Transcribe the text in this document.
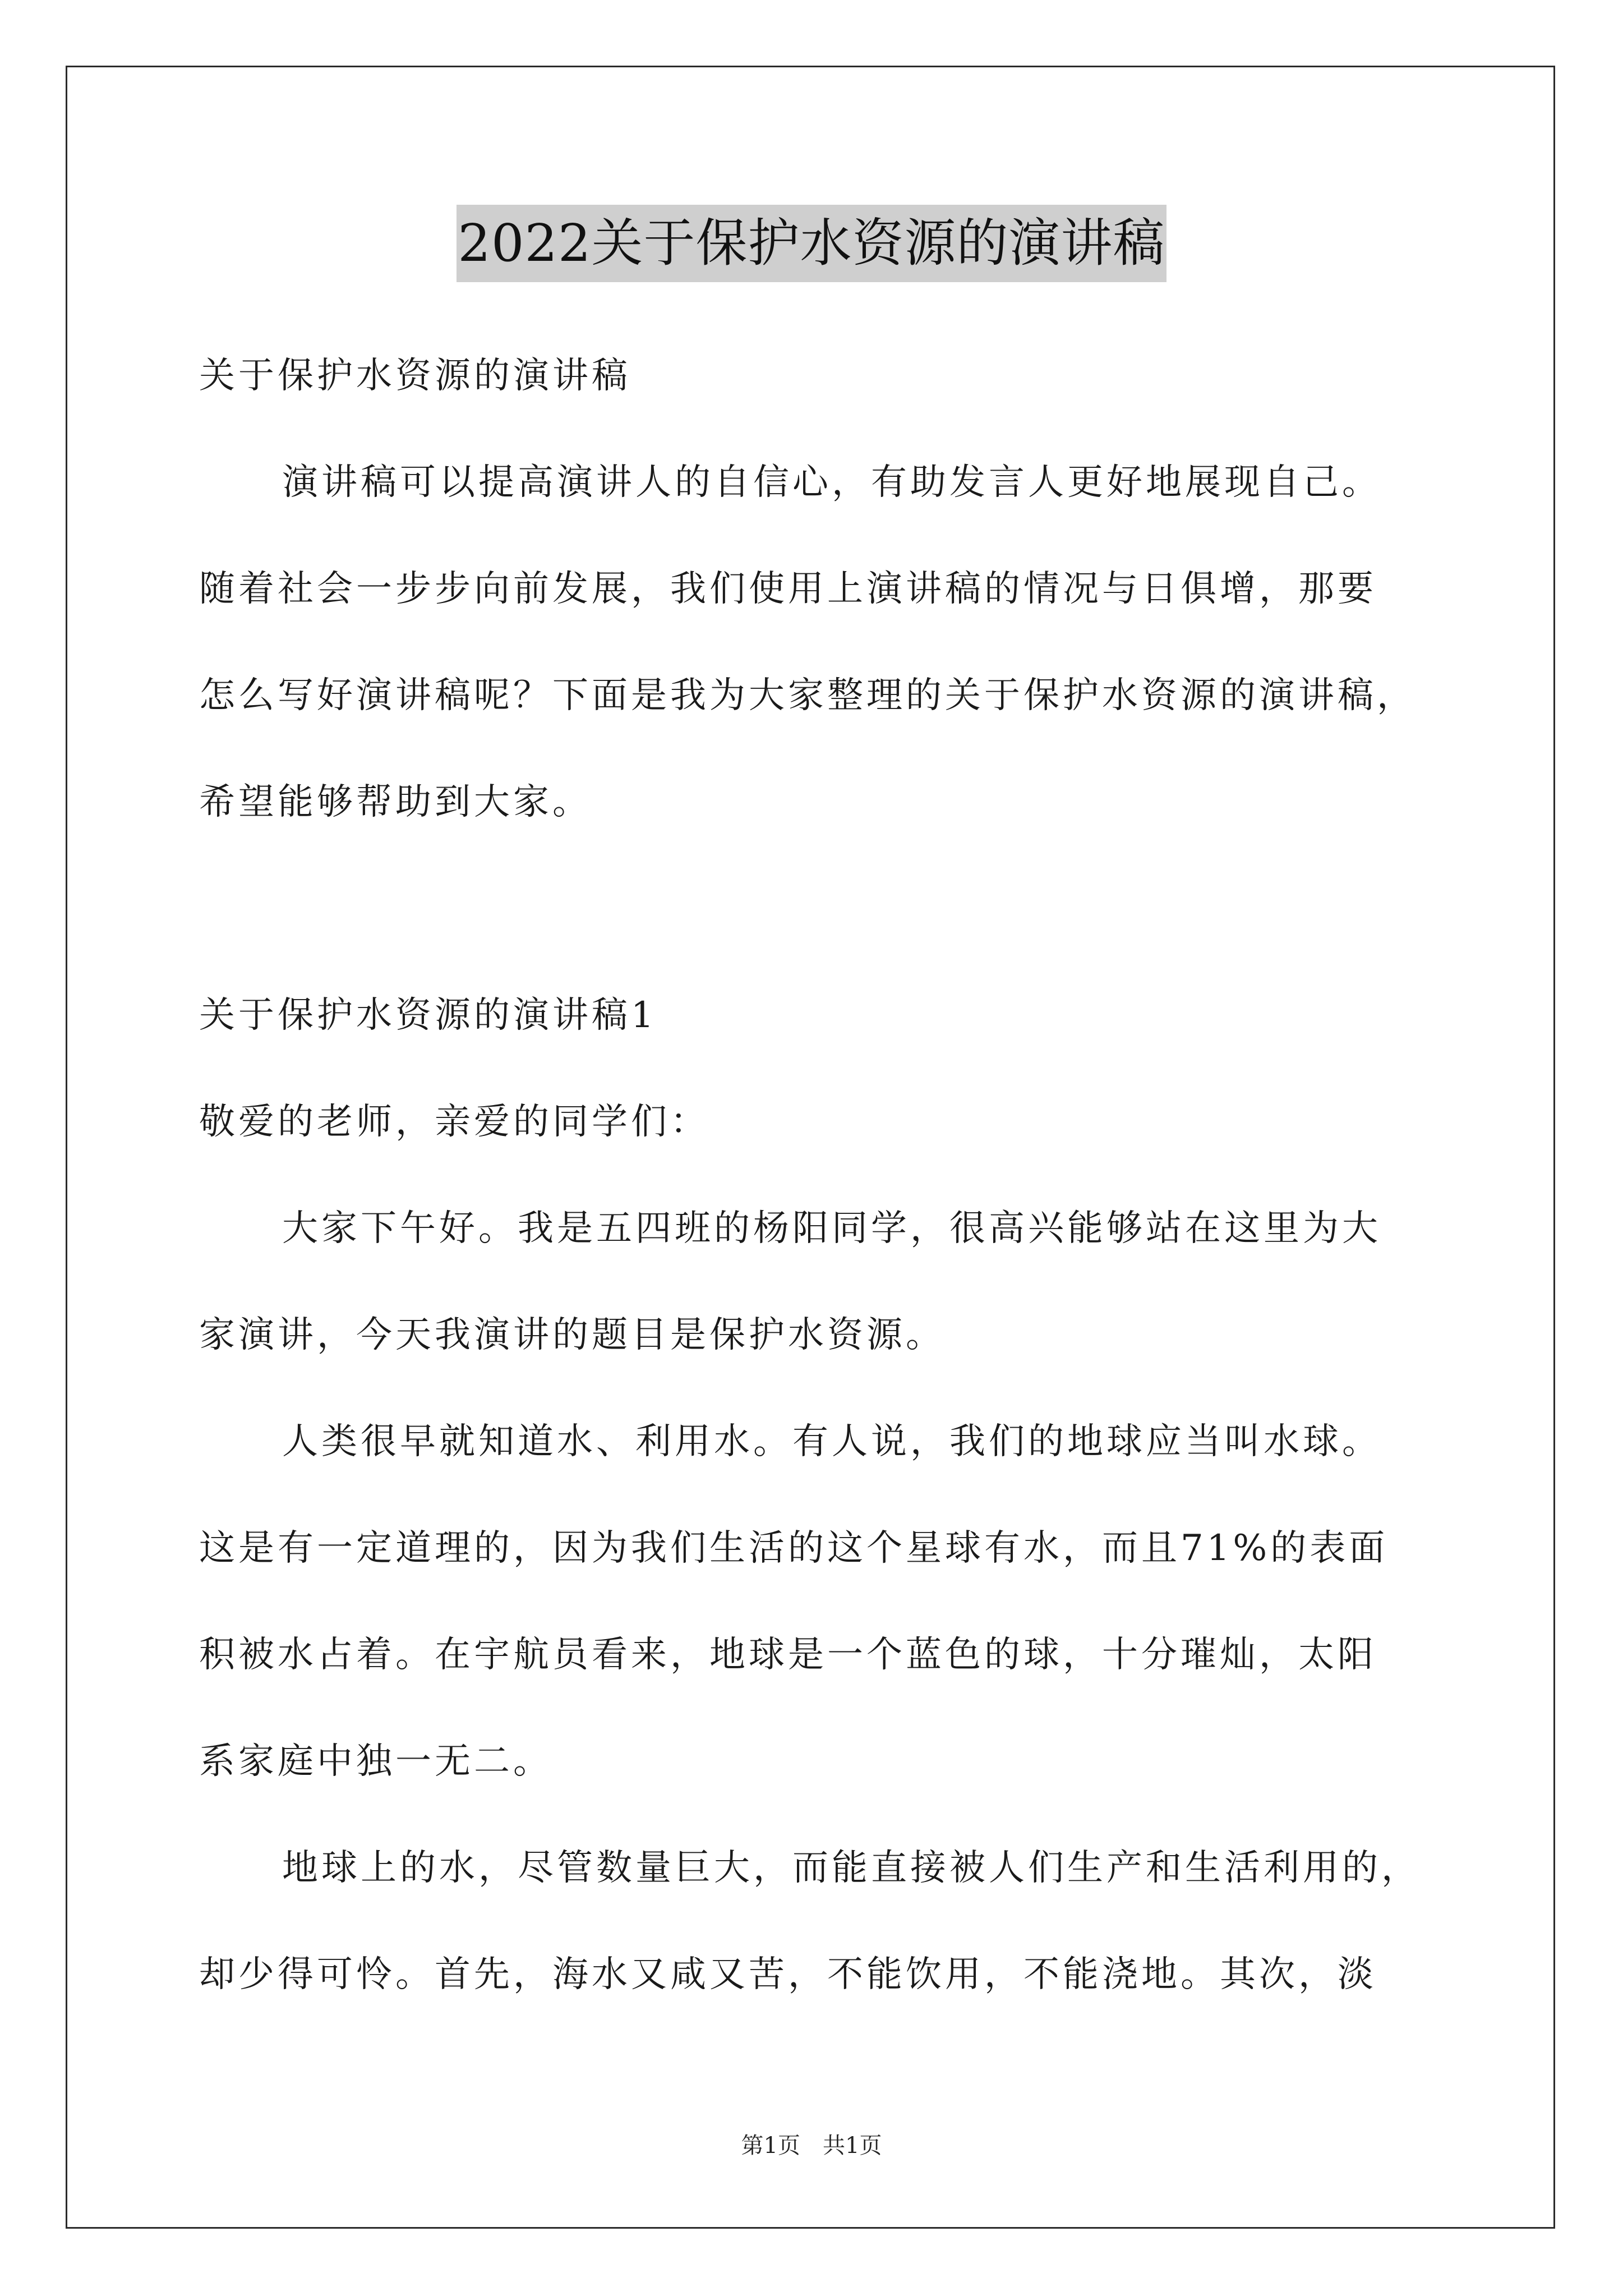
2022关于保护水资源的演讲稿
关于保护水资源的演讲稿
演讲稿可以提高演讲人的自信心，有助发言人更好地展现自己。
随着社会一步步向前发展，我们使用上演讲稿的情况与日俱增，那要
怎么写好演讲稿呢？下面是我为大家整理的关于保护水资源的演讲稿，
希望能够帮助到大家。
关于保护水资源的演讲稿1
敬爱的老师，亲爱的同学们：
大家下午好。我是五四班的杨阳同学，很高兴能够站在这里为大
家演讲，今天我演讲的题目是保护水资源。
人类很早就知道水、利用水。有人说，我们的地球应当叫水球。
这是有一定道理的，因为我们生活的这个星球有水，而且71%的表面
积被水占着。在宇航员看来，地球是一个蓝色的球，十分璀灿，太阳
系家庭中独一无二。
地球上的水，尽管数量巨大，而能直接被人们生产和生活利用的，
却少得可怜。首先，海水又咸又苦，不能饮用，不能浇地。其次，淡
第1页　共1页
